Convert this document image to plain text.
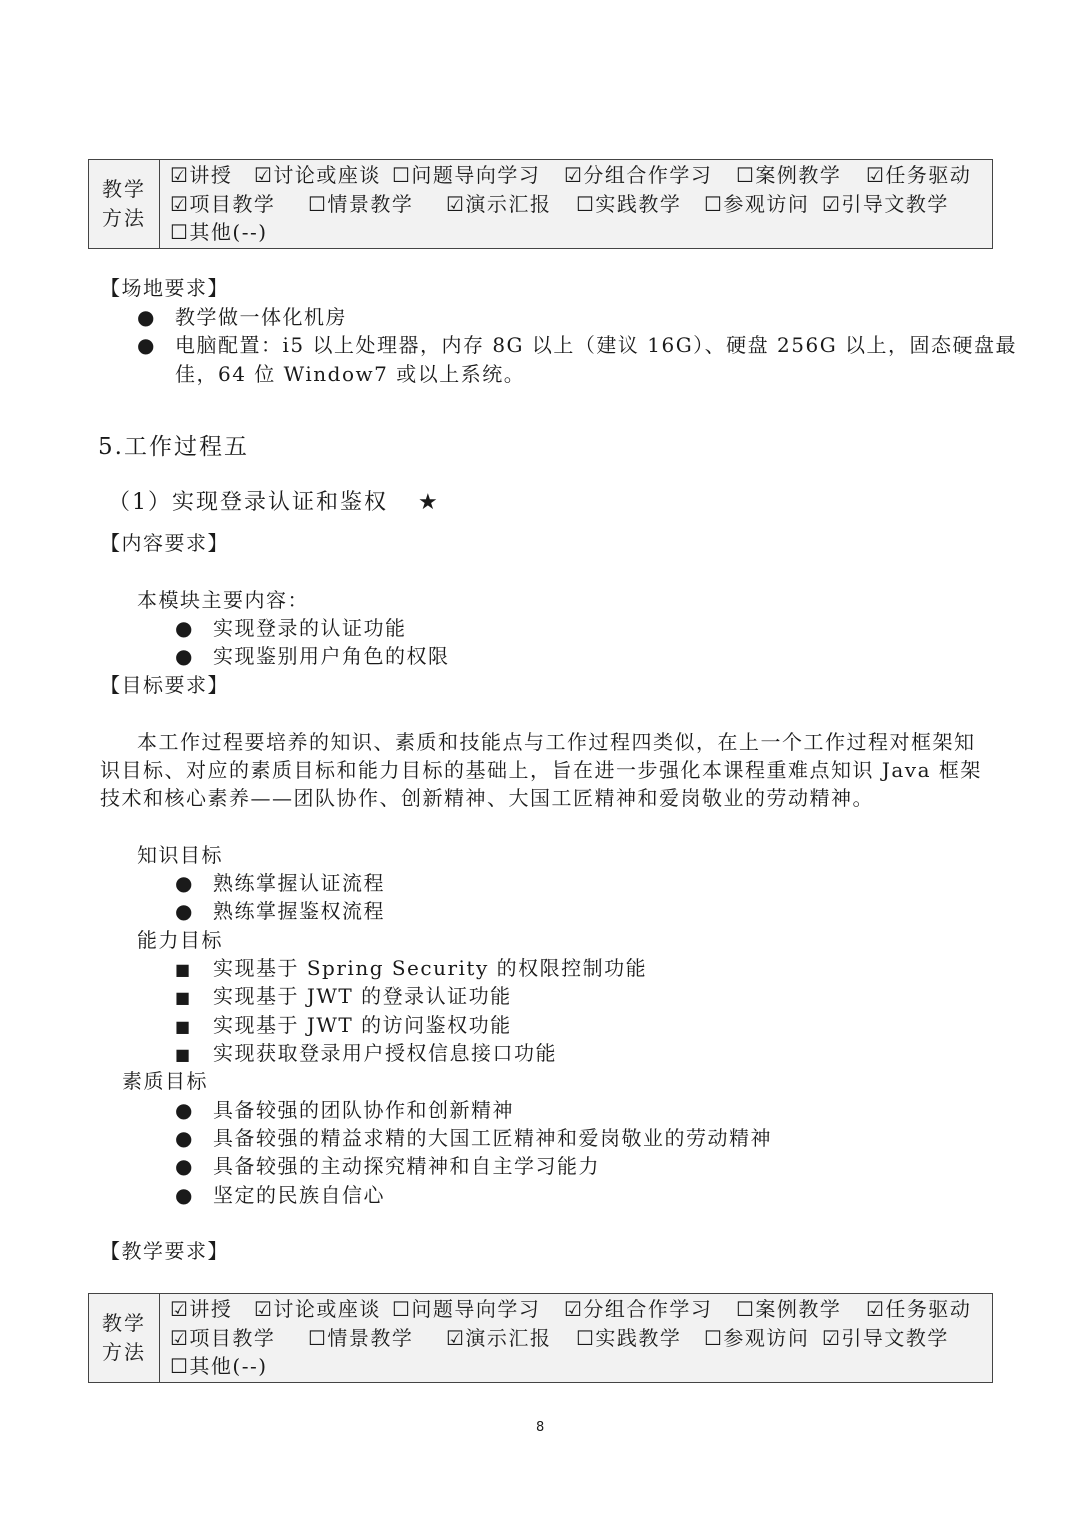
教学
方法

☑讲授	☑讨论或座谈 ☐问题导向学习	☑分组合作学习	☐案例教学	☑任务驱动
☑项目教学	☐情景教学	☑演示汇报	☐实践教学	☐参观访问 ☑引导文教学
☐其他(--)
【场地要求】
● 教学做一体化机房
● 电脑配置：i5 以上处理器，内存 8G 以上（建议 16G）、硬盘 256G 以上，固态硬盘最
佳，64 位 Window7 或以上系统。
5.工作过程五
（1）实现登录认证和鉴权 ★
【内容要求】
本模块主要内容：
● 实现登录的认证功能
● 实现鉴别用户角色的权限
【目标要求】
本工作过程要培养的知识、素质和技能点与工作过程四类似，在上一个工作过程对框架知
识目标、对应的素质目标和能力目标的基础上，旨在进一步强化本课程重难点知识 Java 框架
技术和核心素养——团队协作、创新精神、大国工匠精神和爱岗敬业的劳动精神。
知识目标
● 熟练掌握认证流程
● 熟练掌握鉴权流程
能力目标
■ 实现基于 Spring Security 的权限控制功能
■ 实现基于 JWT 的登录认证功能
■ 实现基于 JWT 的访问鉴权功能
■ 实现获取登录用户授权信息接口功能
素质目标
● 具备较强的团队协作和创新精神
● 具备较强的精益求精的大国工匠精神和爱岗敬业的劳动精神
● 具备较强的主动探究精神和自主学习能力
● 坚定的民族自信心
【教学要求】
教学
方法

☑讲授	☑讨论或座谈 ☐问题导向学习	☑分组合作学习	☐案例教学	☑任务驱动
☑项目教学	☐情景教学	☑演示汇报	☐实践教学	☐参观访问 ☑引导文教学
☐其他(--)
8
